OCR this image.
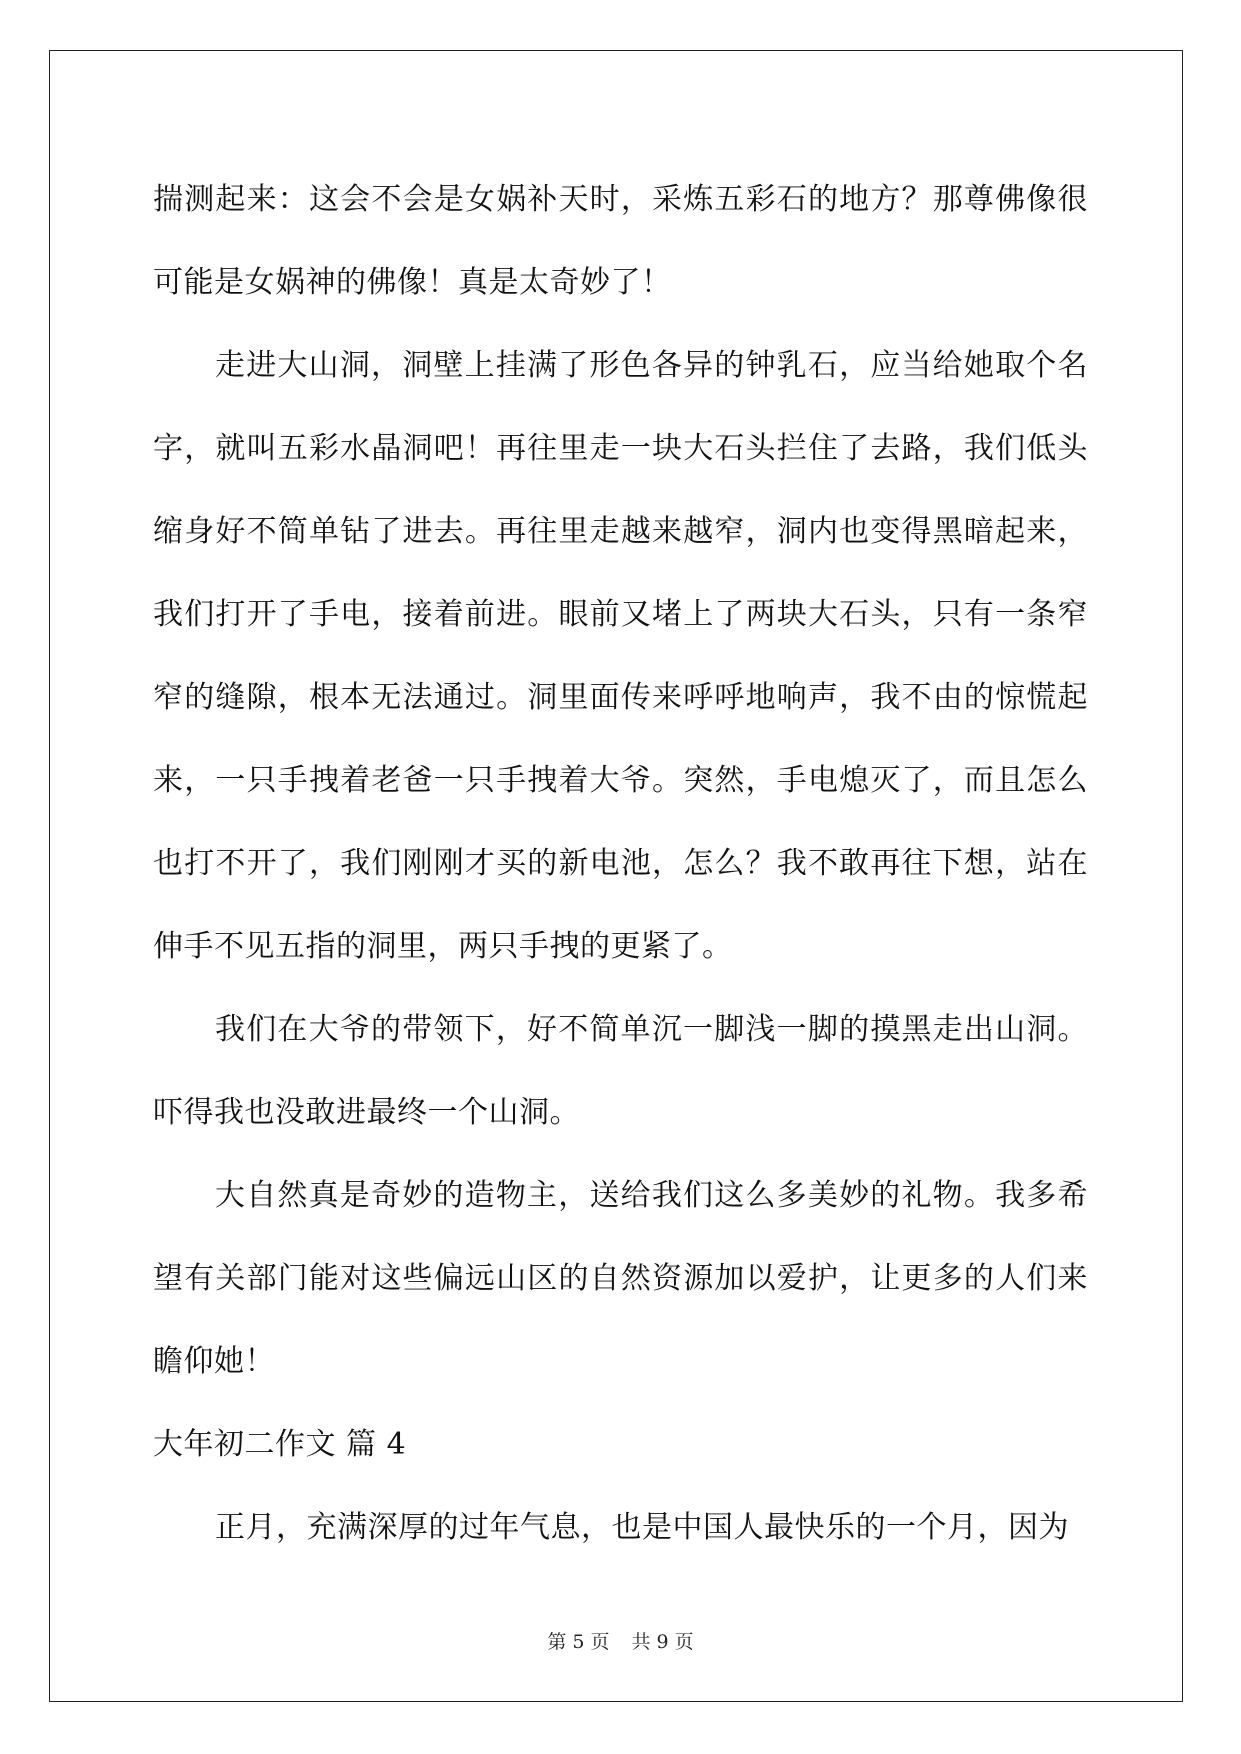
揣测起来：这会不会是女娲补天时，采炼五彩石的地方？那尊佛像很可能是女娲神的佛像！真是太奇妙了！

走进大山洞，洞壁上挂满了形色各异的钟乳石，应当给她取个名字，就叫五彩水晶洞吧！再往里走一块大石头拦住了去路，我们低头缩身好不简单钻了进去。再往里走越来越窄，洞内也变得黑暗起来，我们打开了手电，接着前进。眼前又堵上了两块大石头，只有一条窄窄的缝隙，根本无法通过。洞里面传来呼呼地响声，我不由的惊慌起来，一只手拽着老爸一只手拽着大爷。突然，手电熄灭了，而且怎么也打不开了，我们刚刚才买的新电池，怎么？我不敢再往下想，站在伸手不见五指的洞里，两只手拽的更紧了。

我们在大爷的带领下，好不简单沉一脚浅一脚的摸黑走出山洞。吓得我也没敢进最终一个山洞。

大自然真是奇妙的造物主，送给我们这么多美妙的礼物。我多希望有关部门能对这些偏远山区的自然资源加以爱护，让更多的人们来瞻仰她！

大年初二作文 篇 4

正月，充满深厚的过年气息，也是中国人最快乐的一个月，因为

第 5 页 共 9 页
